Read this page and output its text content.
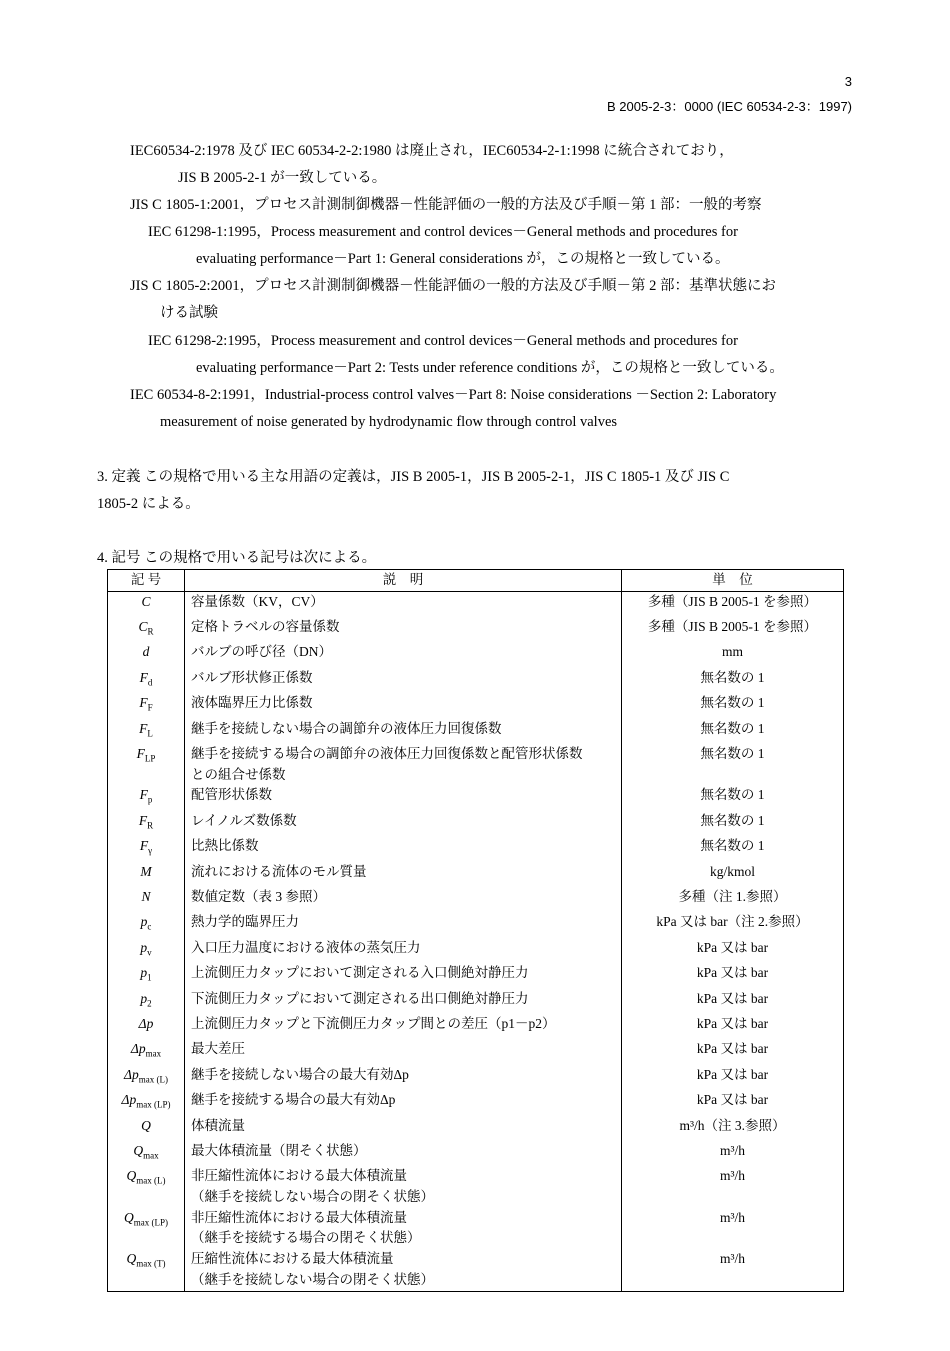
3
B 2005-2-3：0000 (IEC 60534-2-3：1997)
IEC60534-2:1978 及び IEC 60534-2-2:1980 は廃止され，IEC60534-2-1:1998 に統合されており，
JIS B 2005-2-1 が一致している。
JIS C 1805-1:2001，プロセス計測制御機器－性能評価の一般的方法及び手順－第 1 部：一般的考察
IEC 61298-1:1995，Process measurement and control devices－General methods and procedures for
evaluating performance－Part 1: General considerations が，この規格と一致している。
JIS C 1805-2:2001，プロセス計測制御機器－性能評価の一般的方法及び手順－第 2 部：基準状態にお
ける試験
IEC 61298-2:1995，Process measurement and control devices－General methods and procedures for
evaluating performance－Part 2: Tests under reference conditions が，この規格と一致している。
IEC 60534-8-2:1991，Industrial-process control valves－Part 8: Noise considerations －Section 2: Laboratory
measurement of noise generated by hydrodynamic flow through control valves
3. 定義 この規格で用いる主な用語の定義は，JIS B 2005-1，JIS B 2005-2-1，JIS C 1805-1 及び JIS C
1805-2 による。
4. 記号 この規格で用いる記号は次による。
記 号	説　明	単　位
C	容量係数（KV，CV）	多種（JIS B 2005-1 を参照）
$C_R$	定格トラベルの容量係数	多種（JIS B 2005-1 を参照）
d	バルブの呼び径（DN）	mm
$F_d$	バルブ形状修正係数	無名数の 1
$F_F$	液体臨界圧力比係数	無名数の 1
$F_L$	継手を接続しない場合の調節弁の液体圧力回復係数	無名数の 1
$F_{LP}$	継手を接続する場合の調節弁の液体圧力回復係数と配管形状係数
との組合せ係数	無名数の 1
$F_p$	配管形状係数	無名数の 1
$F_R$	レイノルズ数係数	無名数の 1
$F_\gamma$	比熱比係数	無名数の 1
M	流れにおける流体のモル質量	kg/kmol
N	数値定数（表 3 参照）	多種（注 1.参照）
$p_c$	熱力学的臨界圧力	kPa 又は bar（注 2.参照）
$p_v$	入口圧力温度における液体の蒸気圧力	kPa 又は bar
$p_1$	上流側圧力タップにおいて測定される入口側絶対静圧力	kPa 又は bar
$p_2$	下流側圧力タップにおいて測定される出口側絶対静圧力	kPa 又は bar
Δp	上流側圧力タップと下流側圧力タップ間との差圧（p1－p2）	kPa 又は bar
$\Delta p_{max}$	最大差圧	kPa 又は bar
$\Delta p_{max (L)}$	継手を接続しない場合の最大有効Δp	kPa 又は bar
$\Delta p_{max (LP)}$	継手を接続する場合の最大有効Δp	kPa 又は bar
Q	体積流量	m³/h（注 3.参照）
$Q_{max}$	最大体積流量（閉そく状態）	m³/h
$Q_{max (L)}$	非圧縮性流体における最大体積流量
（継手を接続しない場合の閉そく状態）	m³/h
$Q_{max (LP)}$	非圧縮性流体における最大体積流量
（継手を接続する場合の閉そく状態）	m³/h
$Q_{max (T)}$	圧縮性流体における最大体積流量
（継手を接続しない場合の閉そく状態）	m³/h
